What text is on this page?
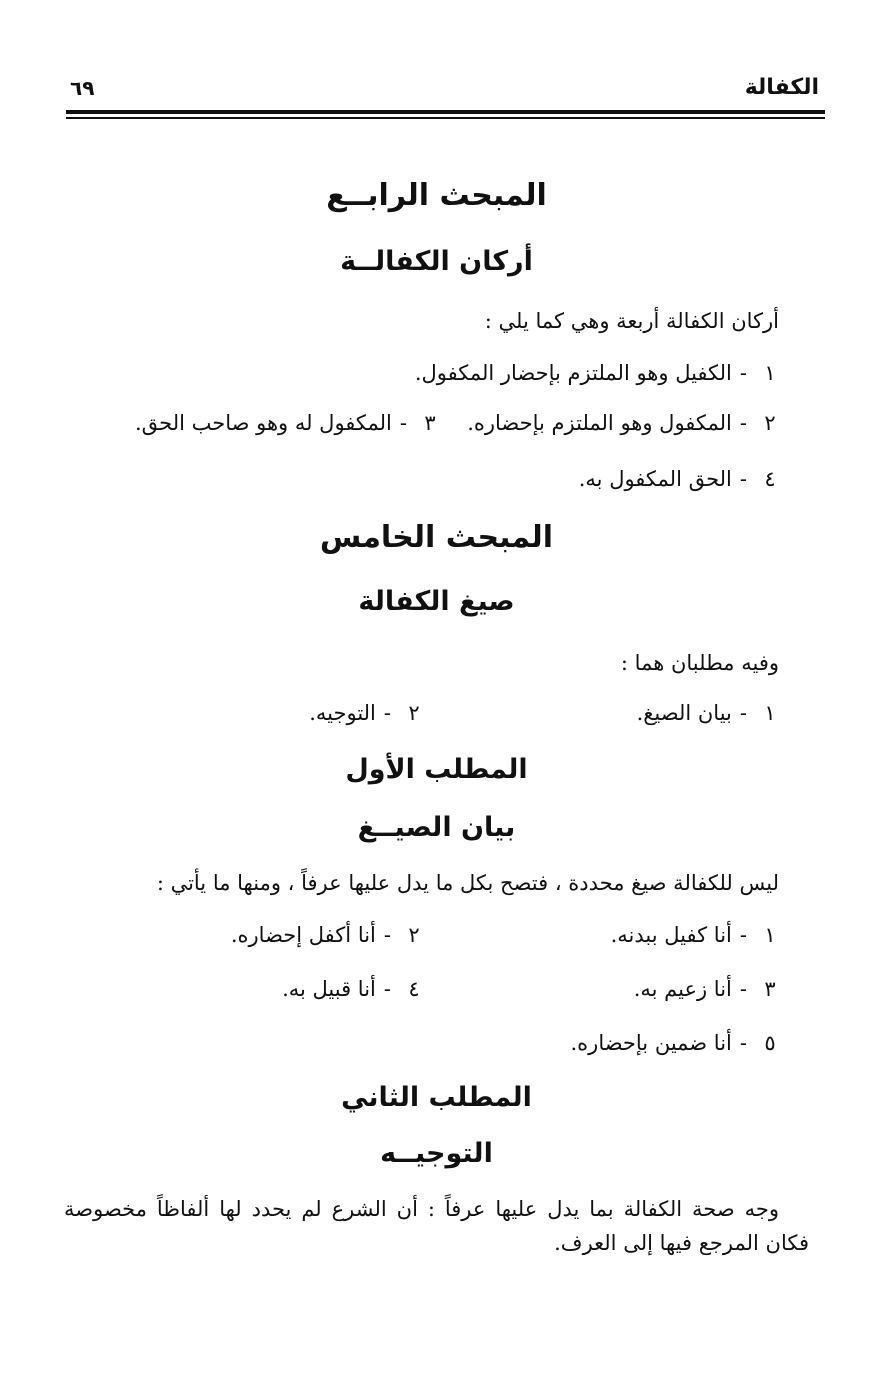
الكفالة
٦٩
المبحث الرابــع
أركان الكفالــة
أركان الكفالة أربعة وهي كما يلي :
١-الكفيل وهو الملتزم بإحضار المكفول.
٢-المكفول وهو الملتزم بإحضاره.
٣-المكفول له وهو صاحب الحق.
٤-الحق المكفول به.
المبحث الخامس
صيغ الكفالة
وفيه مطلبان هما :
١-بيان الصيغ.
٢-التوجيه.
المطلب الأول
بيان الصيــغ
ليس للكفالة صيغ محددة ، فتصح بكل ما يدل عليها عرفاً ، ومنها ما يأتي :
١-أنا كفيل ببدنه.
٢-أنا أكفل إحضاره.
٣-أنا زعيم به.
٤-أنا قبيل به.
٥-أنا ضمين بإحضاره.
المطلب الثاني
التوجيــه
وجه صحة الكفالة بما يدل عليها عرفاً : أن الشرع لم يحدد لها ألفاظاً مخصوصة فكان المرجع فيها إلى العرف.
